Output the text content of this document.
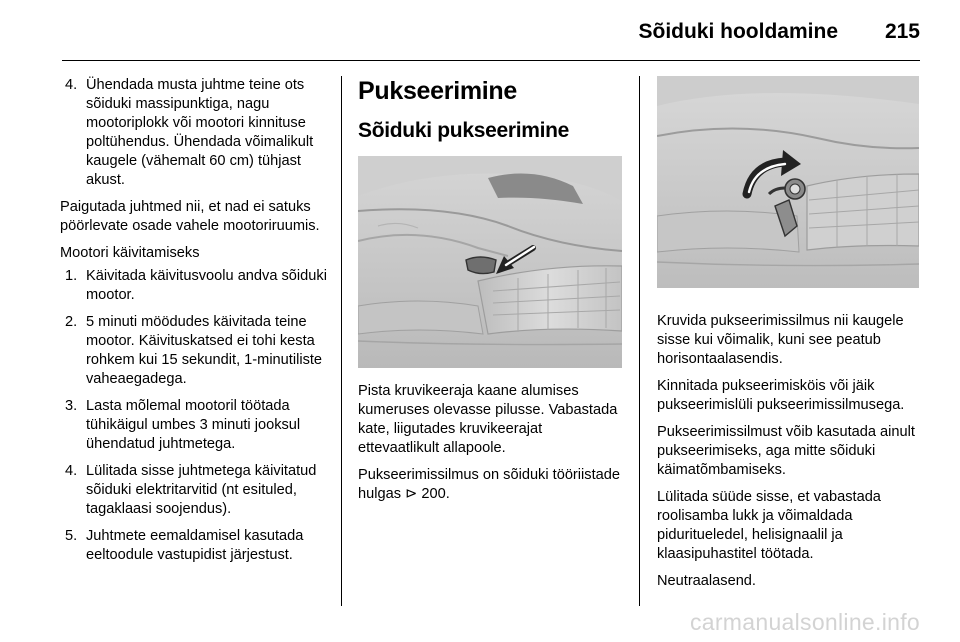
Sõiduki hooldamine 215
4. Ühendada musta juhtme teine ots sõiduki massipunktiga, nagu mootoriplokk või mootori kinnituse poltühendus. Ühendada võimalikult kaugele (vähemalt 60 cm) tühjast akust.

Paigutada juhtmed nii, et nad ei satuks pöörlevate osade vahele mootoriruumis.

Mootori käivitamiseks

1. Käivitada käivitusvoolu andva sõiduki mootor.
2. 5 minuti möödudes käivitada teine mootor. Käivituskatsed ei tohi kesta rohkem kui 15 sekundit, 1-minutiliste vaheaegadega.
3. Lasta mõlemal mootoril töötada tühikäigul umbes 3 minuti jooksul ühendatud juhtmetega.
4. Lülitada sisse juhtmetega käivitatud sõiduki elektritarvitid (nt esituled, tagaklaasi soojendus).
5. Juhtmete eemaldamisel kasutada eeltoodule vastupidist järjestust.
Pukseerimine
Sõiduki pukseerimine

Pista kruvikeeraja kaane alumises kumeruses olevasse pilusse. Vabastada kate, liigutades kruvikeerajat ettevaatlikult allapoole.

Pukseerimissilmus on sõiduki tööriistade hulgas ⊳ 200.

Kruvida pukseerimissilmus nii kaugele sisse kui võimalik, kuni see peatub horisontaalasendis.

Kinnitada pukseerimisköis või jäik pukseerimislüli pukseerimissilmusega.

Pukseerimissilmust võib kasutada ainult pukseerimiseks, aga mitte sõiduki käimatõmbamiseks.

Lülitada süüde sisse, et vabastada roolisamba lukk ja võimaldada piduritueledel, helisignaalil ja klaasipuhastitel töötada.

Neutraalasend.

carmanualsonline.info
